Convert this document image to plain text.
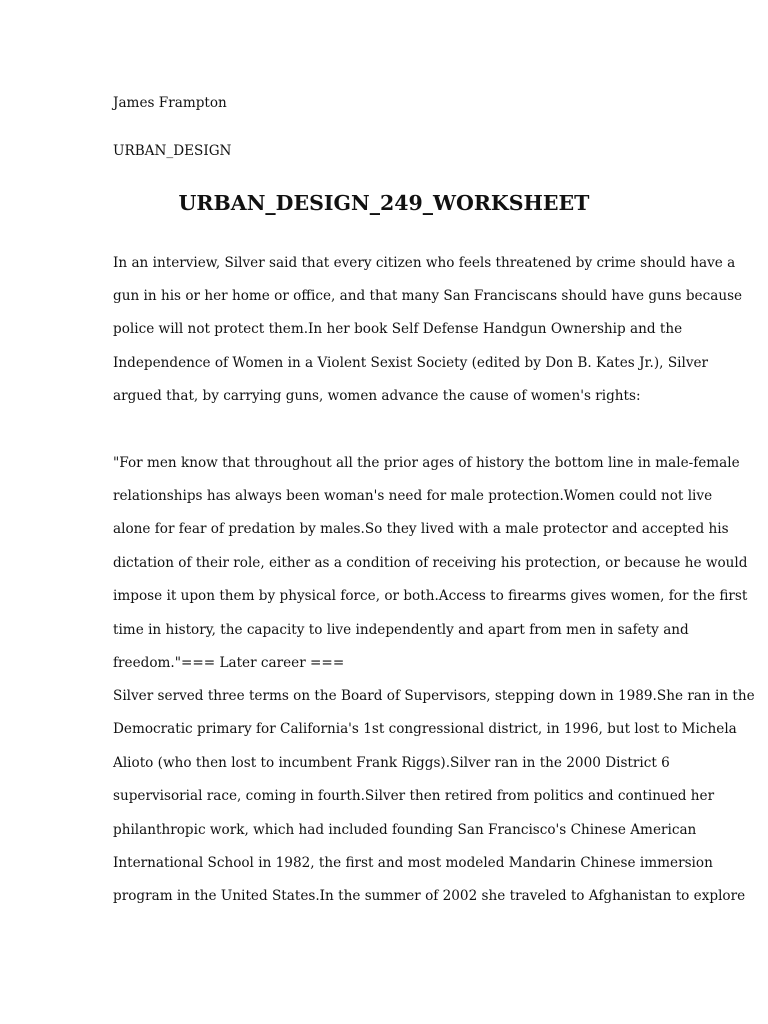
James Frampton

URBAN_DESIGN

URBAN_DESIGN_249_WORKSHEET

In an interview, Silver said that every citizen who feels threatened by crime should have a

gun in his or her home or office, and that many San Franciscans should have guns because

police will not protect them.In her book Self Defense Handgun Ownership and the

Independence of Women in a Violent Sexist Society (edited by Don B. Kates Jr.), Silver

argued that, by carrying guns, women advance the cause of women's rights:

"For men know that throughout all the prior ages of history the bottom line in male-female

relationships has always been woman's need for male protection.Women could not live

alone for fear of predation by males.So they lived with a male protector and accepted his

dictation of their role, either as a condition of receiving his protection, or because he would

impose it upon them by physical force, or both.Access to firearms gives women, for the first

time in history, the capacity to live independently and apart from men in safety and

freedom."=== Later career ===

Silver served three terms on the Board of Supervisors, stepping down in 1989.She ran in the

Democratic primary for California's 1st congressional district, in 1996, but lost to Michela

Alioto (who then lost to incumbent Frank Riggs).Silver ran in the 2000 District 6

supervisorial race, coming in fourth.Silver then retired from politics and continued her

philanthropic work, which had included founding San Francisco's Chinese American

International School in 1982, the first and most modeled Mandarin Chinese immersion

program in the United States.In the summer of 2002 she traveled to Afghanistan to explore
